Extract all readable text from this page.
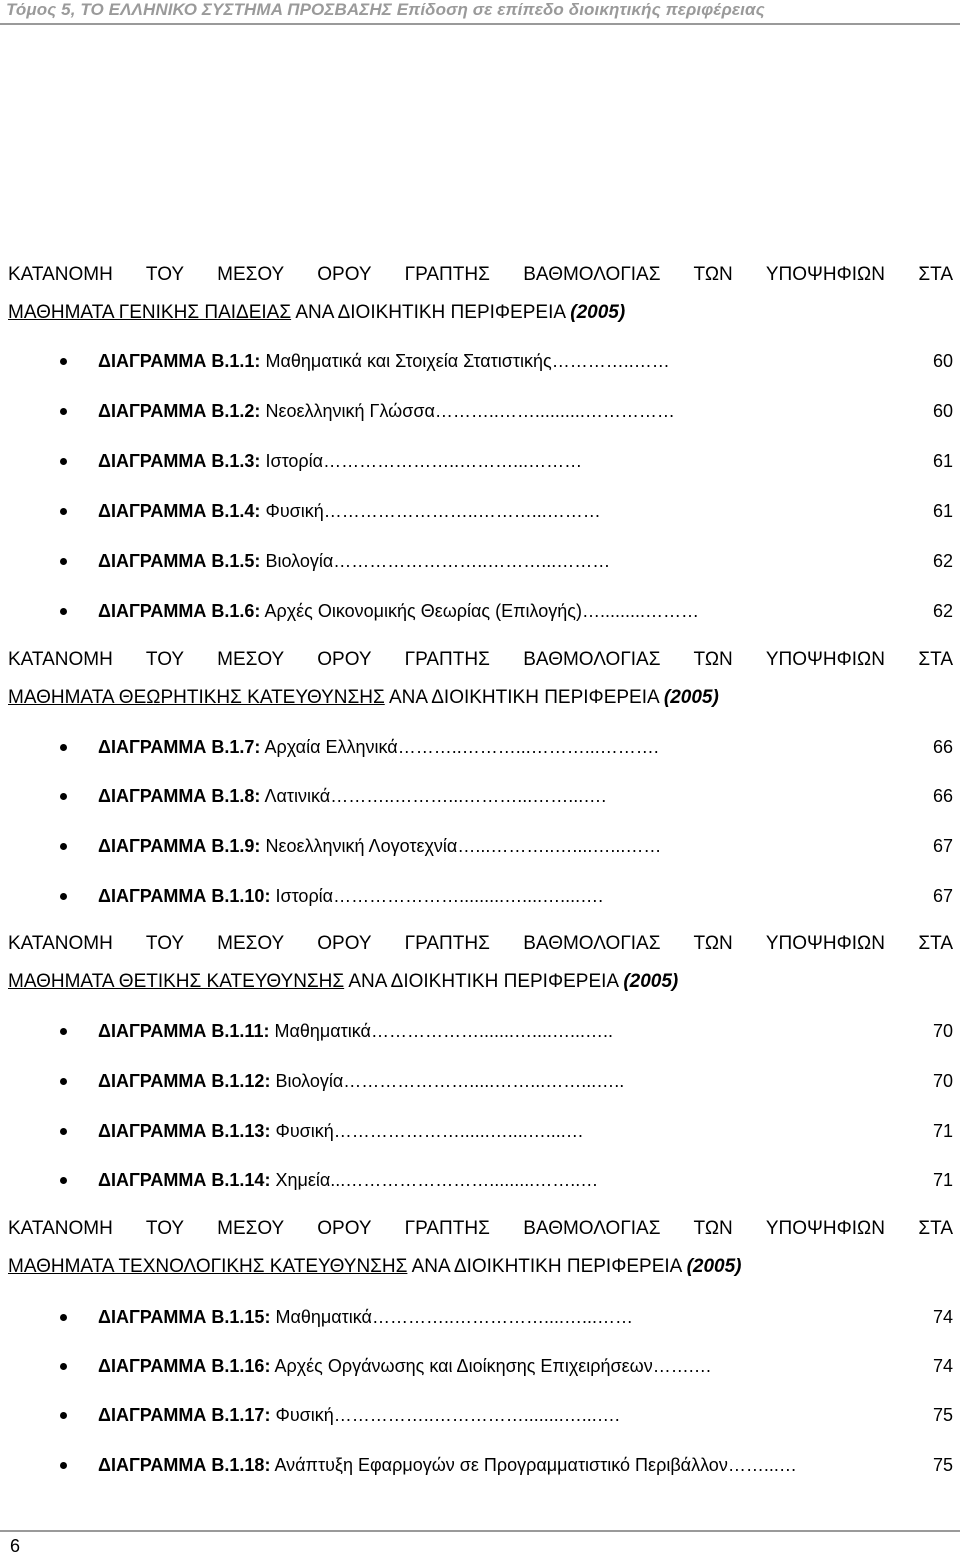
Τόμος 5, ΤΟ ΕΛΛΗΝΙΚΟ ΣΥΣΤΗΜΑ ΠΡΟΣΒΑΣΗΣ Επίδοση σε επίπεδο διοικητικής περιφέρειας
ΚΑΤΑΝΟΜΗ ΤΟΥ ΜΕΣΟΥ ΟΡΟΥ ΓΡΑΠΤΗΣ ΒΑΘΜΟΛΟΓΙΑΣ ΤΩΝ ΥΠΟΨΗΦΙΩΝ ΣΤΑ
ΜΑΘΗΜΑΤΑ ΓΕΝΙΚΗΣ ΠΑΙΔΕΙΑΣ ΑΝΑ ΔΙΟΙΚΗΤΙΚΗ ΠΕΡΙΦΕΡΕΙΑ (2005)
ΔΙΑΓΡΑΜΜΑ Β.1.1: Μαθηματικά και Στοιχεία Στατιστικής …………..……	60
ΔΙΑΓΡΑΜΜΑ Β.1.2: Νεοελληνική Γλώσσα ………..……..........……………	60
ΔΙΑΓΡΑΜΜΑ Β.1.3: Ιστορία …………………..………...………	61
ΔΙΑΓΡΑΜΜΑ Β.1.4: Φυσική ……………………..………...………	61
ΔΙΑΓΡΑΜΜΑ Β.1.5: Βιολογία ……………………..………...………	62
ΔΙΑΓΡΑΜΜΑ Β.1.6: Αρχές Οικονομικής Θεωρίας (Επιλογής) ….........………	62
ΚΑΤΑΝΟΜΗ ΤΟΥ ΜΕΣΟΥ ΟΡΟΥ ΓΡΑΠΤΗΣ ΒΑΘΜΟΛΟΓΙΑΣ ΤΩΝ ΥΠΟΨΗΦΙΩΝ ΣΤΑ
ΜΑΘΗΜΑΤΑ ΘΕΩΡΗΤΙΚΗΣ ΚΑΤΕΥΘΥΝΣΗΣ ΑΝΑ ΔΙΟΙΚΗΤΙΚΗ ΠΕΡΙΦΕΡΕΙΑ (2005)
ΔΙΑΓΡΑΜΜΑ Β.1.7: Αρχαία Ελληνικά ………..………...………...……….	66
ΔΙΑΓΡΑΜΜΑ Β.1.8: Λατινικά ………..………...………...……...….	66
ΔΙΑΓΡΑΜΜΑ Β.1.9: Νεοελληνική Λογοτεχνία …...………..…....…...……	67
ΔΙΑΓΡΑΜΜΑ Β.1.10: Ιστορία ………………….........…....…....….	67
ΚΑΤΑΝΟΜΗ ΤΟΥ ΜΕΣΟΥ ΟΡΟΥ ΓΡΑΠΤΗΣ ΒΑΘΜΟΛΟΓΙΑΣ ΤΩΝ ΥΠΟΨΗΦΙΩΝ ΣΤΑ
ΜΑΘΗΜΑΤΑ ΘΕΤΙΚΗΣ ΚΑΤΕΥΘΥΝΣΗΣ ΑΝΑ ΔΙΟΙΚΗΤΙΚΗ ΠΕΡΙΦΕΡΕΙΑ (2005)
ΔΙΑΓΡΑΜΜΑ Β.1.11: Μαθηματικά ……………….......…....…...…..	70
ΔΙΑΓΡΑΜΜΑ Β.1.12: Βιολογία ………………….....……...……...…..	70
ΔΙΑΓΡΑΜΜΑ Β.1.13: Φυσική …………………......…....…....…	71
ΔΙΑΓΡΑΜΜΑ Β.1.14: Χημεία ...…………………….........……..…	71
ΚΑΤΑΝΟΜΗ ΤΟΥ ΜΕΣΟΥ ΟΡΟΥ ΓΡΑΠΤΗΣ ΒΑΘΜΟΛΟΓΙΑΣ ΤΩΝ ΥΠΟΨΗΦΙΩΝ ΣΤΑ
ΜΑΘΗΜΑΤΑ ΤΕΧΝΟΛΟΓΙΚΗΣ ΚΑΤΕΥΘΥΝΣΗΣ ΑΝΑ ΔΙΟΙΚΗΤΙΚΗ ΠΕΡΙΦΕΡΕΙΑ (2005)
ΔΙΑΓΡΑΜΜΑ Β.1.15: Μαθηματικά …………..……………....…...……	74
ΔΙΑΓΡΑΜΜΑ Β.1.16: Αρχές Οργάνωσης και Διοίκησης Επιχειρήσεων …….…	74
ΔΙΑΓΡΑΜΜΑ Β.1.17: Φυσική ……………..……………........…...….	75
ΔΙΑΓΡΑΜΜΑ Β.1.18: Ανάπτυξη Εφαρμογών σε Προγραμματιστικό Περιβάλλον ……...…	75
6
